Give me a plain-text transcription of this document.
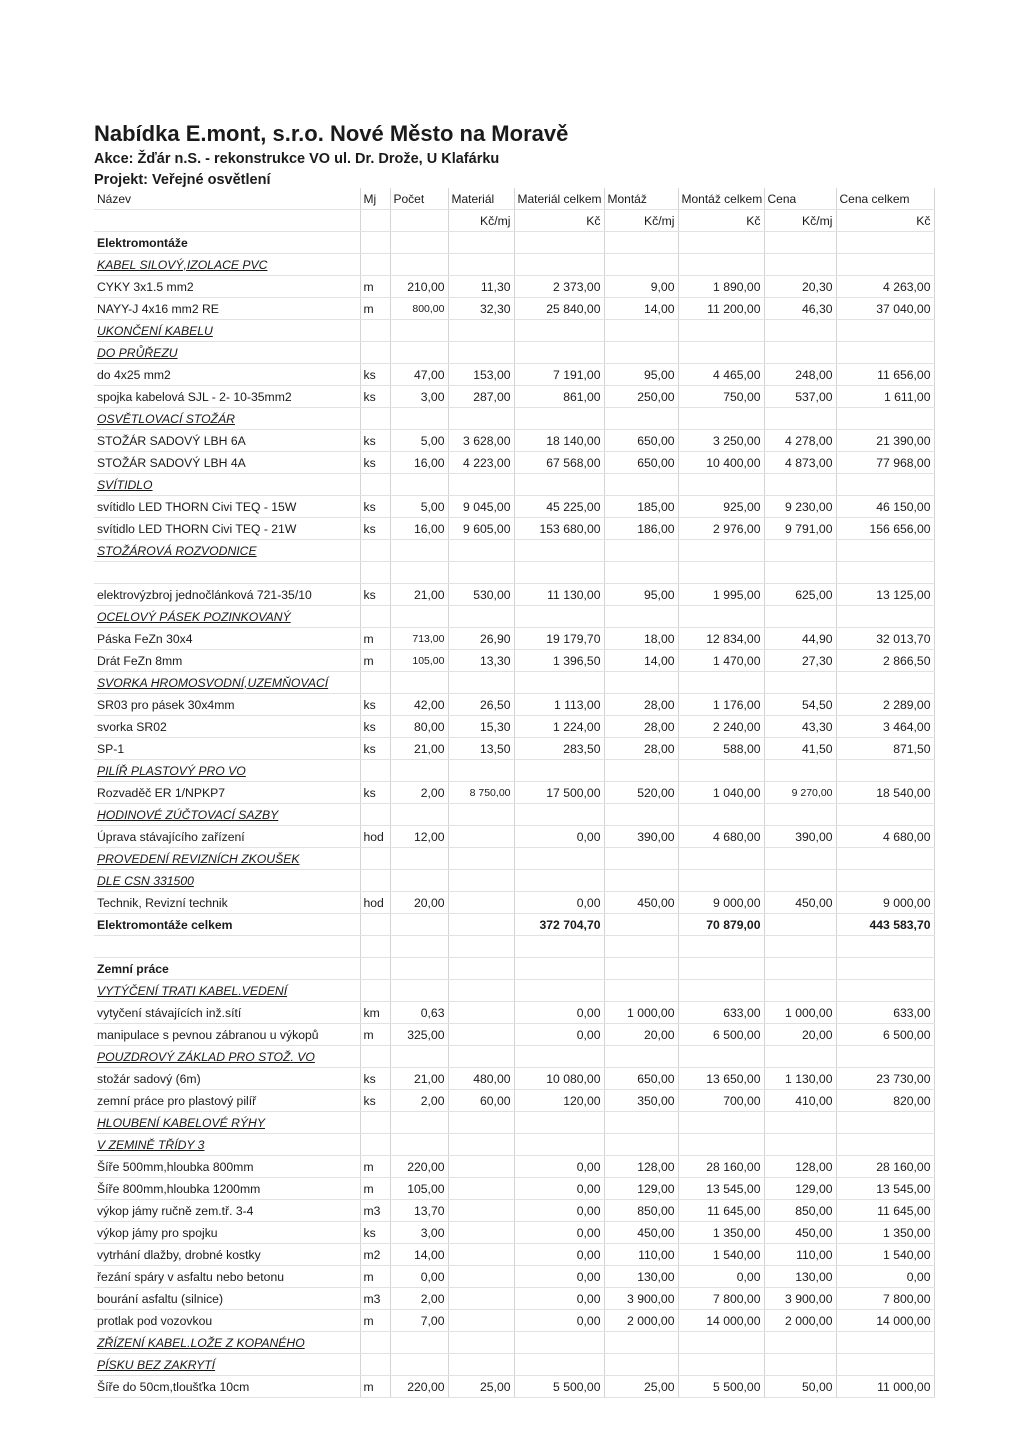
Nabídka E.mont, s.r.o. Nové Město na Moravě
Akce: Žďár n.S. - rekonstrukce VO ul. Dr. Drože, U Klafárku
Projekt: Veřejné osvětlení
Název	Mj	Počet	Materiál	Materiál celkem	Montáž	Montáž celkem	Cena	Cena celkem
			Kč/mj	Kč	Kč/mj	Kč	Kč/mj	Kč
Elektromontáže								
KABEL SILOVÝ,IZOLACE PVC								
CYKY 3x1.5 mm2	m	210,00	11,30	2 373,00	9,00	1 890,00	20,30	4 263,00
NAYY-J 4x16 mm2 RE	m	800,00	32,30	25 840,00	14,00	11 200,00	46,30	37 040,00
UKONČENÍ KABELU								
DO PRŮŘEZU								
do 4x25 mm2	ks	47,00	153,00	7 191,00	95,00	4 465,00	248,00	11 656,00
spojka kabelová SJL - 2- 10-35mm2	ks	3,00	287,00	861,00	250,00	750,00	537,00	1 611,00
OSVĚTLOVACÍ STOŽÁR								
STOŽÁR SADOVÝ LBH 6A	ks	5,00	3 628,00	18 140,00	650,00	3 250,00	4 278,00	21 390,00
STOŽÁR SADOVÝ LBH 4A	ks	16,00	4 223,00	67 568,00	650,00	10 400,00	4 873,00	77 968,00
SVÍTIDLO								
svítidlo LED THORN Civi TEQ - 15W	ks	5,00	9 045,00	45 225,00	185,00	925,00	9 230,00	46 150,00
svítidlo LED THORN Civi TEQ - 21W	ks	16,00	9 605,00	153 680,00	186,00	2 976,00	9 791,00	156 656,00
STOŽÁROVÁ ROZVODNICE								

elektrovýzbroj jednočlánková 721-35/10	ks	21,00	530,00	11 130,00	95,00	1 995,00	625,00	13 125,00
OCELOVÝ PÁSEK POZINKOVANÝ								
Páska FeZn 30x4	m	713,00	26,90	19 179,70	18,00	12 834,00	44,90	32 013,70
Drát FeZn 8mm	m	105,00	13,30	1 396,50	14,00	1 470,00	27,30	2 866,50
SVORKA HROMOSVODNÍ,UZEMŇOVACÍ								
SR03 pro pásek 30x4mm	ks	42,00	26,50	1 113,00	28,00	1 176,00	54,50	2 289,00
svorka SR02	ks	80,00	15,30	1 224,00	28,00	2 240,00	43,30	3 464,00
SP-1	ks	21,00	13,50	283,50	28,00	588,00	41,50	871,50
PILÍŘ PLASTOVÝ PRO VO								
Rozvaděč ER 1/NPKP7	ks	2,00	8 750,00	17 500,00	520,00	1 040,00	9 270,00	18 540,00
HODINOVÉ ZÚČTOVACÍ SAZBY								
Úprava stávajícího zařízení	hod	12,00		0,00	390,00	4 680,00	390,00	4 680,00
PROVEDENÍ REVIZNÍCH ZKOUŠEK								
DLE CSN 331500								
Technik, Revizní technik	hod	20,00		0,00	450,00	9 000,00	450,00	9 000,00
Elektromontáže celkem				372 704,70		70 879,00		443 583,70

Zemní práce								
VYTÝČENÍ TRATI KABEL.VEDENÍ								
vytyčení stávajících inž.sítí	km	0,63		0,00	1 000,00	633,00	1 000,00	633,00
manipulace s pevnou zábranou u výkopů	m	325,00		0,00	20,00	6 500,00	20,00	6 500,00
POUZDROVÝ ZÁKLAD PRO STOŽ. VO								
stožár sadový (6m)	ks	21,00	480,00	10 080,00	650,00	13 650,00	1 130,00	23 730,00
zemní práce pro plastový pilíř	ks	2,00	60,00	120,00	350,00	700,00	410,00	820,00
HLOUBENÍ KABELOVÉ RÝHY								
V ZEMINĚ TŘÍDY 3								
Šíře 500mm,hloubka 800mm	m	220,00		0,00	128,00	28 160,00	128,00	28 160,00
Šíře 800mm,hloubka 1200mm	m	105,00		0,00	129,00	13 545,00	129,00	13 545,00
výkop jámy ručně zem.tř. 3-4	m3	13,70		0,00	850,00	11 645,00	850,00	11 645,00
výkop jámy pro spojku	ks	3,00		0,00	450,00	1 350,00	450,00	1 350,00
vytrhání dlažby, drobné kostky	m2	14,00		0,00	110,00	1 540,00	110,00	1 540,00
řezání spáry v asfaltu nebo betonu	m	0,00		0,00	130,00	0,00	130,00	0,00
bourání asfaltu (silnice)	m3	2,00		0,00	3 900,00	7 800,00	3 900,00	7 800,00
protlak pod vozovkou	m	7,00		0,00	2 000,00	14 000,00	2 000,00	14 000,00
ZŘÍZENÍ KABEL.LOŽE Z KOPANÉHO								
PÍSKU BEZ ZAKRYTÍ								
Šíře do 50cm,tloušťka 10cm	m	220,00	25,00	5 500,00	25,00	5 500,00	50,00	11 000,00
